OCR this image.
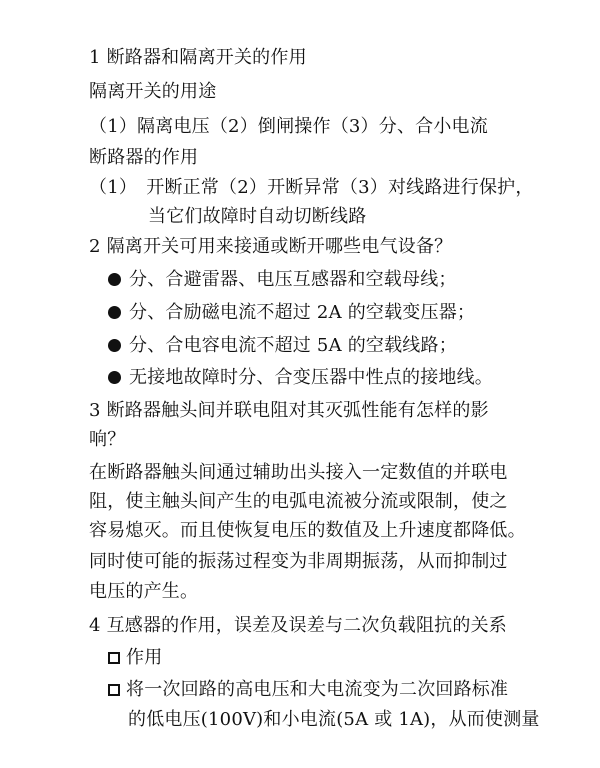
1 断路器和隔离开关的作用
隔离开关的用途
（1）隔离电压（2）倒闸操作（3）分、合小电流
断路器的作用
（1）　开断正常（2）开断异常（3）对线路进行保护，
当它们故障时自动切断线路
2 隔离开关可用来接通或断开哪些电气设备？
分、合避雷器、电压互感器和空载母线；
分、合励磁电流不超过 2A 的空载变压器；
分、合电容电流不超过 5A 的空载线路；
无接地故障时分、合变压器中性点的接地线。
3 断路器触头间并联电阻对其灭弧性能有怎样的影
响？
在断路器触头间通过辅助出头接入一定数值的并联电
阻，使主触头间产生的电弧电流被分流或限制，使之
容易熄灭。而且使恢复电压的数值及上升速度都降低。
同时使可能的振荡过程变为非周期振荡，从而抑制过
电压的产生。
4 互感器的作用，误差及误差与二次负载阻抗的关系
作用
将一次回路的高电压和大电流变为二次回路标准
的低电压(100V)和小电流(5A 或 1A)，从而使测量
